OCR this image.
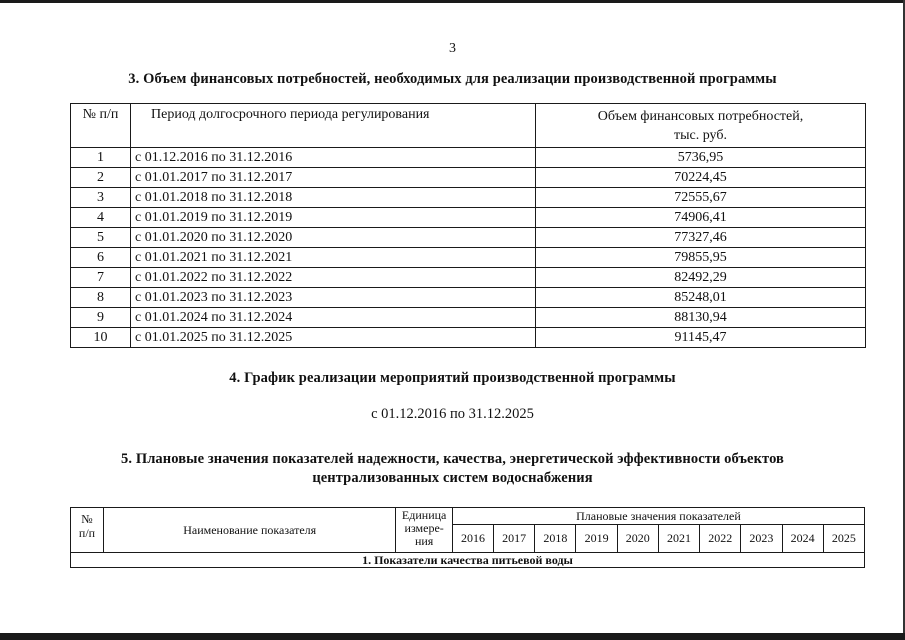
3
3. Объем финансовых потребностей, необходимых для реализации производственной программы
№ п/п	Период долгосрочного периода регулирования	Объем финансовых потребностей,
тыс. руб.
1	с 01.12.2016 по 31.12.2016	5736,95
2	с 01.01.2017 по 31.12.2017	70224,45
3	с 01.01.2018 по 31.12.2018	72555,67
4	с 01.01.2019 по 31.12.2019	74906,41
5	с 01.01.2020 по 31.12.2020	77327,46
6	с 01.01.2021 по 31.12.2021	79855,95
7	с 01.01.2022 по 31.12.2022	82492,29
8	с 01.01.2023 по 31.12.2023	85248,01
9	с 01.01.2024 по 31.12.2024	88130,94
10	с 01.01.2025 по 31.12.2025	91145,47
4. График реализации мероприятий производственной программы
с 01.12.2016 по 31.12.2025
5. Плановые значения показателей надежности, качества, энергетической эффективности объектов
централизованных систем водоснабжения
№
п/п	Наименование показателя	Единица
измере-
ния	Плановые значения показателей									
			2016	2017	2018	2019	2020	2021	2022	2023	2024	2025
1. Показатели качества питьевой воды												
